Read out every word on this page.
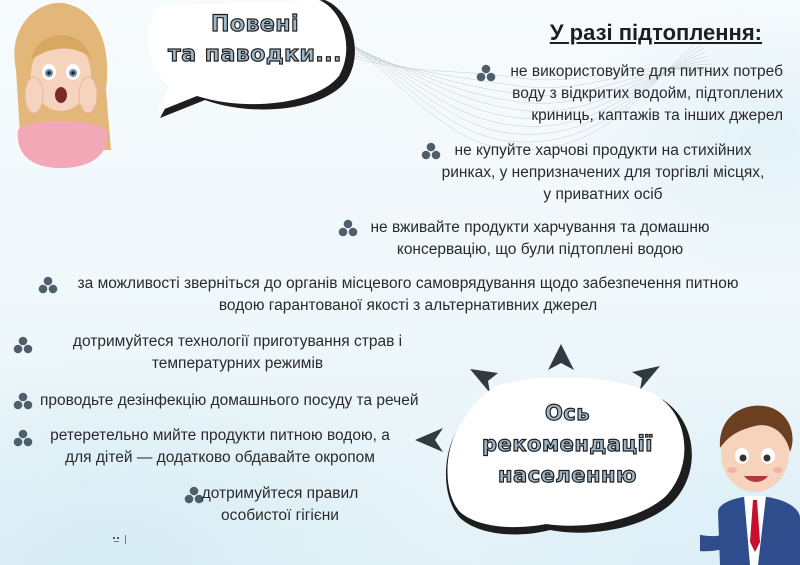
Повені
та паводки...
У разі підтоплення:
не використовуйте для питних потреб
воду з відкритих водойм, підтоплених
криниць, каптажів та інших джерел
не купуйте харчові продукти на стихійних
ринках, у непризначених для торгівлі місцях,
у приватних осіб
не вживайте продукти харчування та домашню
консервацію, що були підтоплені водою
за можливості зверніться до органів місцевого самоврядування щодо забезпечення питною
водою гарантованої якості з альтернативних джерел
дотримуйтеся технології приготування страв і
температурних режимів
проводьте дезінфекцію домашнього посуду та речей
ретеретельно мийте продукти питною водою, а
для дітей — додатково обдавайте окропом
дотримуйтеся правил
особистої гігієни
Ось
рекомендації
населенню
